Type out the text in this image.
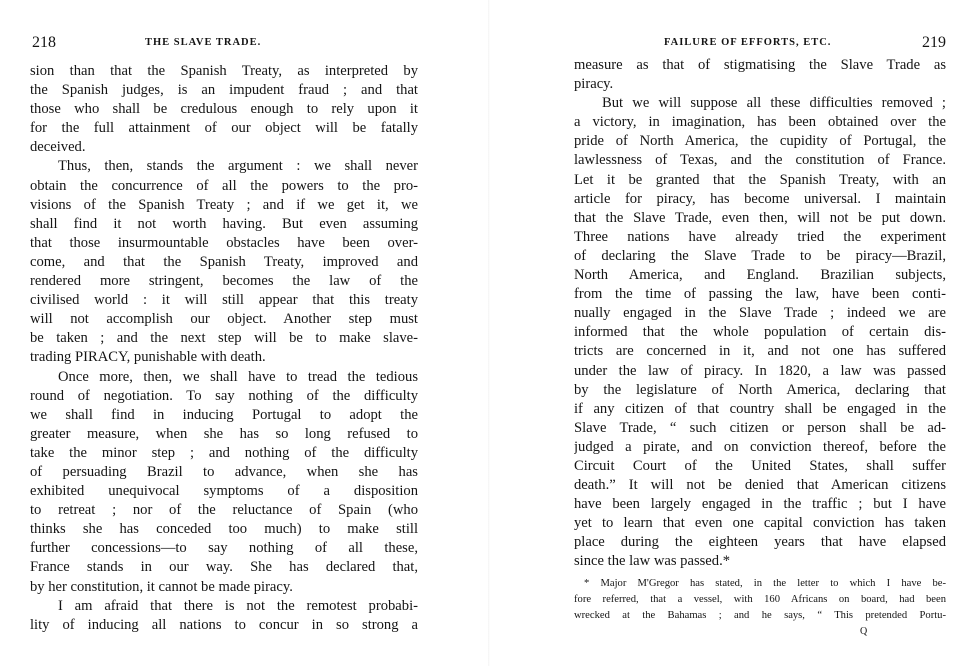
218	THE SLAVE TRADE.
sion than that the Spanish Treaty, as interpreted by
the Spanish judges, is an impudent fraud ; and that
those who shall be credulous enough to rely upon it
for the full attainment of our object will be fatally
deceived.
Thus, then, stands the argument : we shall never
obtain the concurrence of all the powers to the pro-
visions of the Spanish Treaty ; and if we get it, we
shall find it not worth having. But even assuming
that those insurmountable obstacles have been over-
come, and that the Spanish Treaty, improved and
rendered more stringent, becomes the law of the
civilised world : it will still appear that this treaty
will not accomplish our object. Another step must
be taken ; and the next step will be to make slave-
trading PIRACY, punishable with death.
Once more, then, we shall have to tread the tedious
round of negotiation. To say nothing of the difficulty
we shall find in inducing Portugal to adopt the
greater measure, when she has so long refused to
take the minor step ; and nothing of the difficulty
of persuading Brazil to advance, when she has
exhibited unequivocal symptoms of a disposition
to retreat ; nor of the reluctance of Spain (who
thinks she has conceded too much) to make still
further concessions—to say nothing of all these,
France stands in our way. She has declared that,
by her constitution, it cannot be made piracy.
I am afraid that there is not the remotest probabi-
lity of inducing all nations to concur in so strong a
FAILURE OF EFFORTS, ETC.	219
measure as that of stigmatising the Slave Trade as
piracy.
But we will suppose all these difficulties removed ;
a victory, in imagination, has been obtained over the
pride of North America, the cupidity of Portugal, the
lawlessness of Texas, and the constitution of France.
Let it be granted that the Spanish Treaty, with an
article for piracy, has become universal. I maintain
that the Slave Trade, even then, will not be put down.
Three nations have already tried the experiment
of declaring the Slave Trade to be piracy—Brazil,
North America, and England. Brazilian subjects,
from the time of passing the law, have been conti-
nually engaged in the Slave Trade ; indeed we are
informed that the whole population of certain dis-
tricts are concerned in it, and not one has suffered
under the law of piracy. In 1820, a law was passed
by the legislature of North America, declaring that
if any citizen of that country shall be engaged in the
Slave Trade, “ such citizen or person shall be ad-
judged a pirate, and on conviction thereof, before the
Circuit Court of the United States, shall suffer
death.” It will not be denied that American citizens
have been largely engaged in the traffic ; but I have
yet to learn that even one capital conviction has taken
place during the eighteen years that have elapsed
since the law was passed.*
* Major M'Gregor has stated, in the letter to which I have be-
fore referred, that a vessel, with 160 Africans on board, had been
wrecked at the Bahamas ; and he says, “ This pretended Portu-
Q
